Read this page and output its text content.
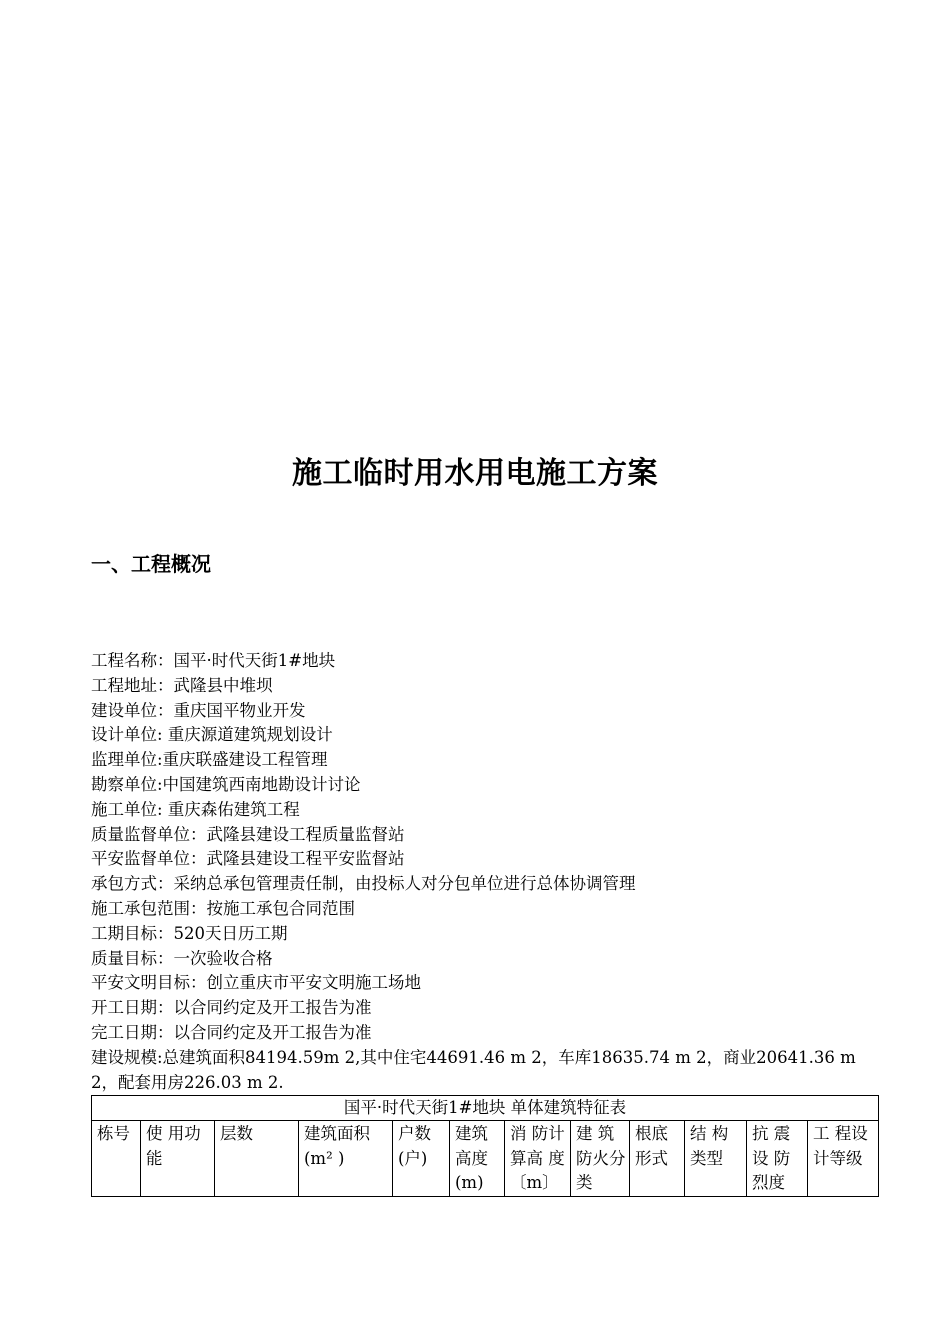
施工临时用水用电施工方案
一、工程概况
工程名称：国平·时代天街1#地块
工程地址：武隆县中堆坝
建设单位：重庆国平物业开发
设计单位: 重庆源道建筑规划设计
监理单位:重庆联盛建设工程管理
勘察单位:中国建筑西南地勘设计讨论
施工单位: 重庆森佑建筑工程
质量监督单位：武隆县建设工程质量监督站
平安监督单位：武隆县建设工程平安监督站
承包方式：采纳总承包管理责任制，由投标人对分包单位进行总体协调管理
施工承包范围：按施工承包合同范围
工期目标：520天日历工期
质量目标：一次验收合格
平安文明目标：创立重庆市平安文明施工场地
开工日期：以合同约定及开工报告为准
完工日期：以合同约定及开工报告为准
建设规模:总建筑面积84194.59m 2,其中住宅44691.46 m 2，车库18635.74 m 2，商业20641.36 m 2，配套用房226.03 m 2.
国平·时代天街1#地块 单体建筑特征表
栋号	使 用功能	层数	建筑面积(m² )	户数(户)	建筑高度(m)	消 防计 算高 度〔m〕	建 筑防火分类	根底形式	结 构类型	抗 震设 防烈度	工 程设 计等级
